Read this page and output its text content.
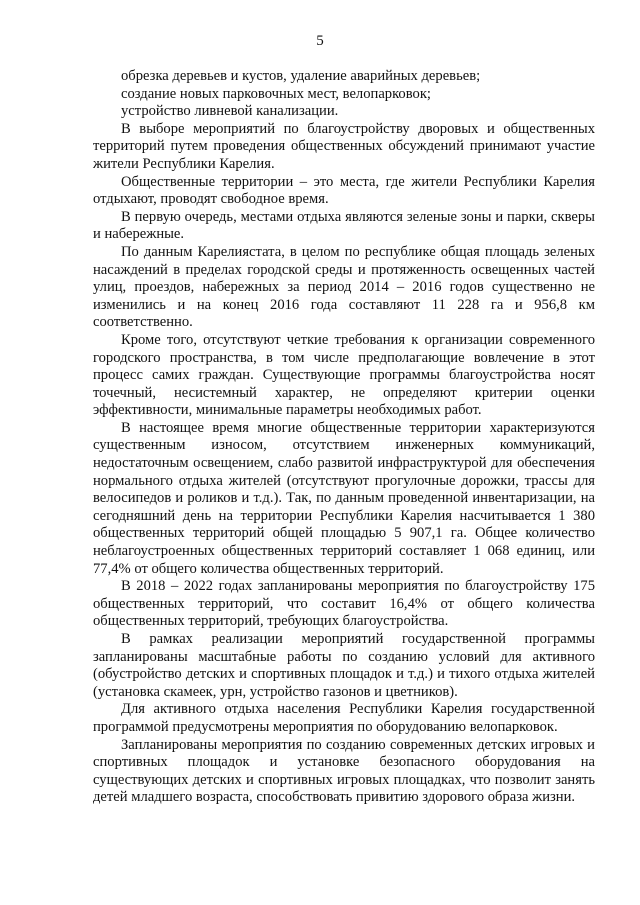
5

обрезка деревьев и кустов, удаление аварийных деревьев;

создание новых парковочных мест, велопарковок;

устройство ливневой канализации.

В выборе мероприятий по благоустройству дворовых и общественных территорий путем проведения общественных обсуждений принимают участие жители Республики Карелия.

Общественные территории – это места, где жители Республики Карелия отдыхают, проводят свободное время.

В первую очередь, местами отдыха являются зеленые зоны и парки, скверы и набережные.

По данным Карелиястата, в целом по республике общая площадь зеленых насаждений в пределах городской среды и протяженность освещенных частей улиц, проездов, набережных за период 2014 – 2016 годов существенно не изменились и на конец 2016 года составляют 11 228 га и 956,8 км соответственно.

Кроме того, отсутствуют четкие требования к организации современного городского пространства, в том числе предполагающие вовлечение в этот процесс самих граждан. Существующие программы благоустройства носят точечный, несистемный характер, не определяют критерии оценки эффективности, минимальные параметры необходимых работ.

В настоящее время многие общественные территории характеризуются существенным износом, отсутствием инженерных коммуникаций, недостаточным освещением, слабо развитой инфраструктурой для обеспечения нормального отдыха жителей (отсутствуют прогулочные дорожки, трассы для велосипедов и роликов и т.д.). Так, по данным проведенной инвентаризации, на сегодняшний день на территории Республики Карелия насчитывается 1 380 общественных территорий общей площадью 5 907,1 га. Общее количество неблагоустроенных общественных территорий составляет 1 068 единиц, или 77,4% от общего количества общественных территорий.

В 2018 – 2022 годах запланированы мероприятия по благоустройству 175 общественных территорий, что составит 16,4% от общего количества общественных территорий, требующих благоустройства.

В рамках реализации мероприятий государственной программы запланированы масштабные работы по созданию условий для активного (обустройство детских и спортивных площадок и т.д.) и тихого отдыха жителей (установка скамеек, урн, устройство газонов и цветников).

Для активного отдыха населения Республики Карелия государственной программой предусмотрены мероприятия по оборудованию велопарковок.

Запланированы мероприятия по созданию современных детских игровых и спортивных площадок и установке безопасного оборудования на существующих детских и спортивных игровых площадках, что позволит занять детей младшего возраста, способствовать привитию здорового образа жизни.
